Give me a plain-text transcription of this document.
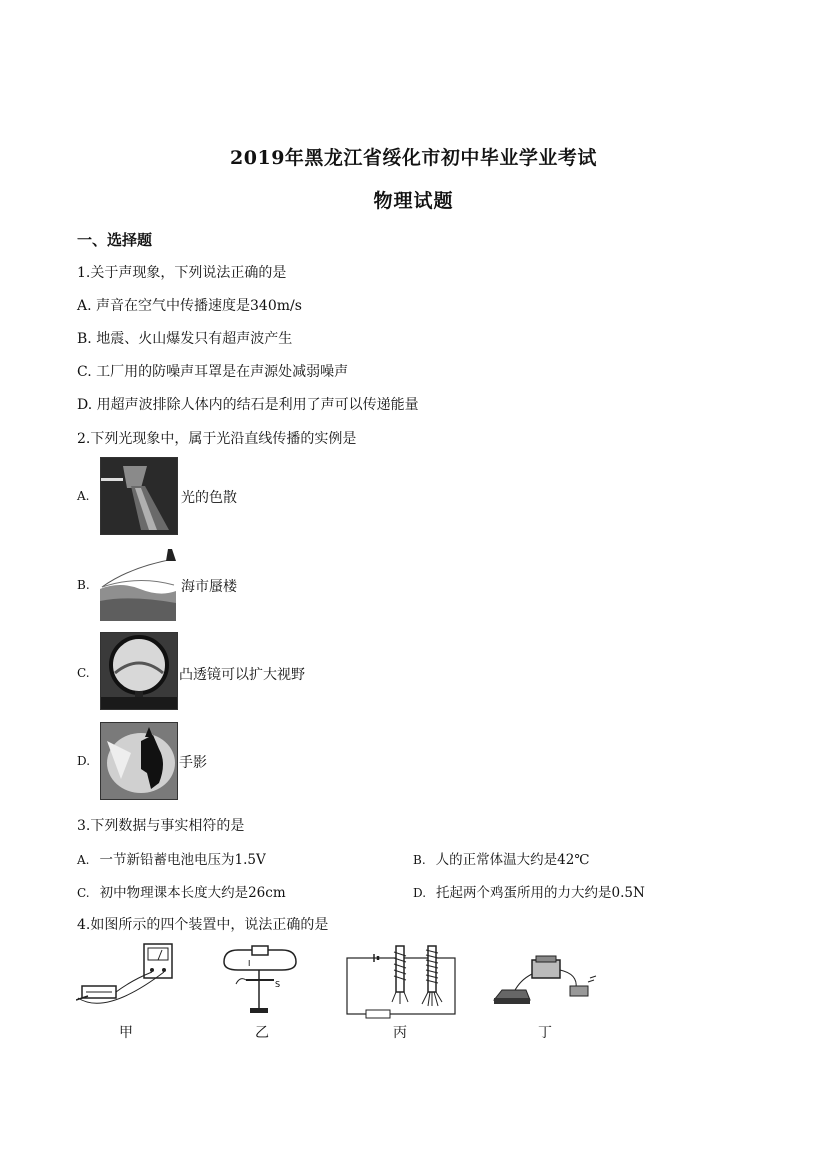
2019年黑龙江省绥化市初中毕业学业考试
物理试题
一、选择题
1.关于声现象，下列说法正确的是
A. 声音在空气中传播速度是340m/s
B. 地震、火山爆发只有超声波产生
C. 工厂用的防噪声耳罩是在声源处减弱噪声
D. 用超声波排除人体内的结石是利用了声可以传递能量
2.下列光现象中，属于光沿直线传播的实例是
A.	光的色散
B.	海市蜃楼
C.	凸透镜可以扩大视野
D.	手影
3.下列数据与事实相符的是
A. 一节新铅蓄电池电压为1.5V	B. 人的正常体温大约是42℃
C. 初中物理课本长度大约是26cm	D. 托起两个鸡蛋所用的力大约是0.5N
4.如图所示的四个装置中，说法正确的是
甲
S
I
乙	丙	丁
